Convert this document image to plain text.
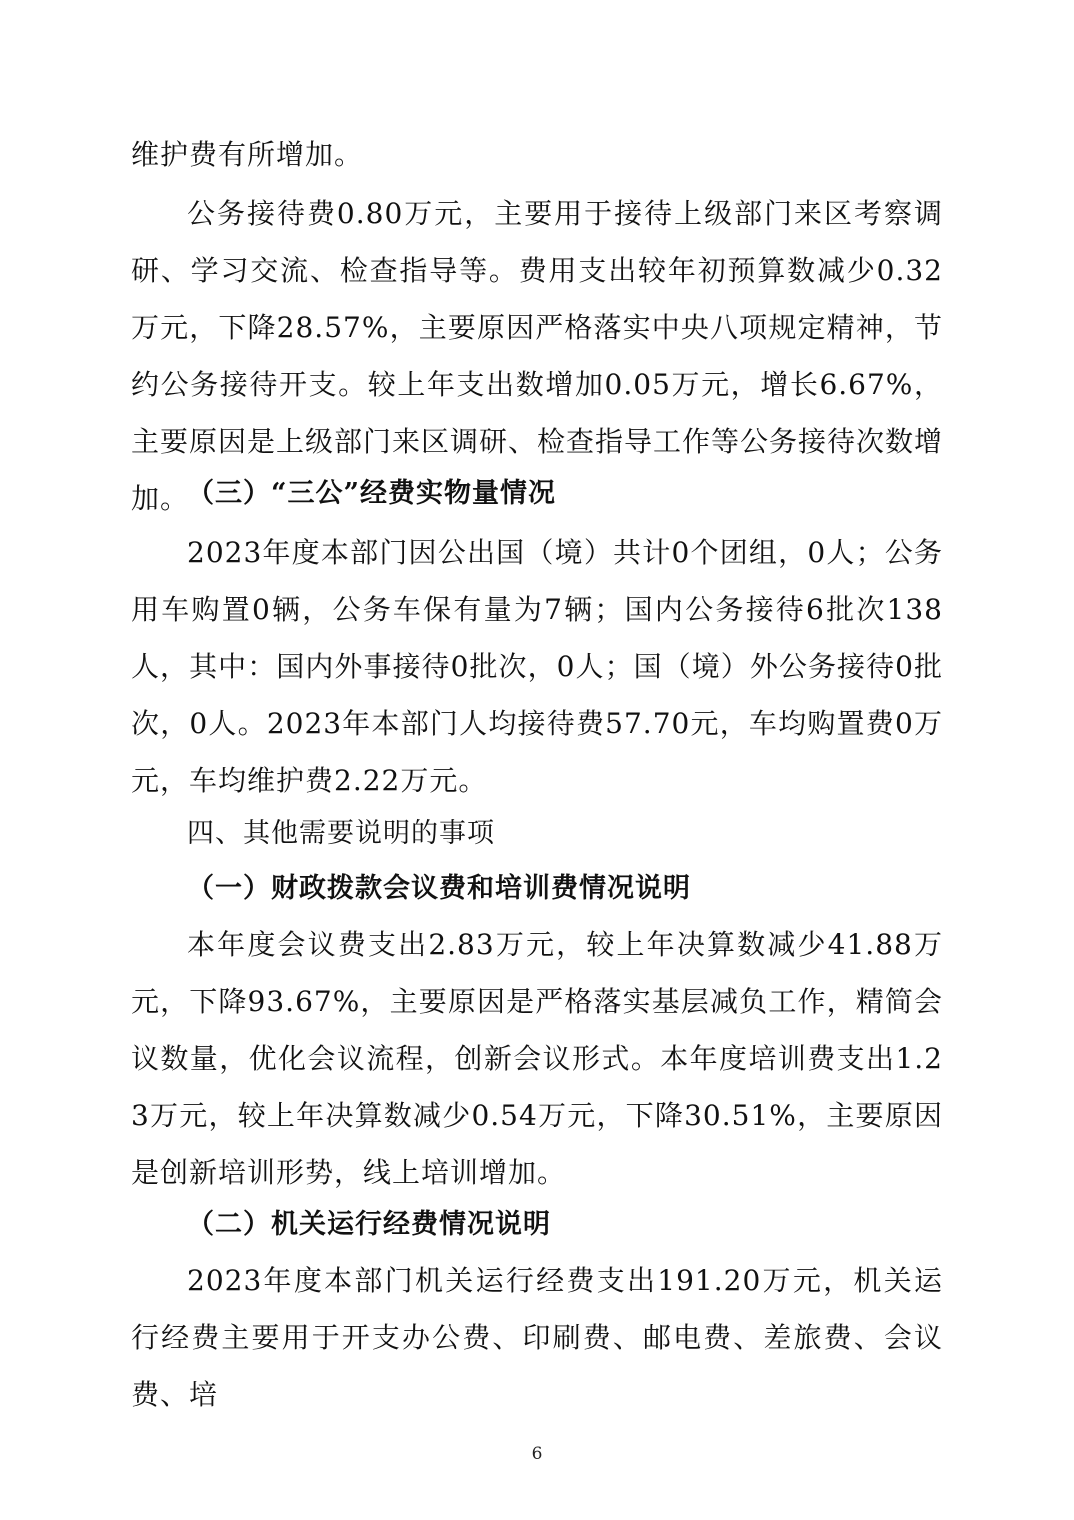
维护费有所增加。

公务接待费0.80万元，主要用于接待上级部门来区考察调研、学习交流、检查指导等。费用支出较年初预算数减少0.32万元，下降28.57%，主要原因严格落实中央八项规定精神，节约公务接待开支。较上年支出数增加0.05万元，增长6.67%，主要原因是上级部门来区调研、检查指导工作等公务接待次数增加。

（三）“三公”经费实物量情况

2023年度本部门因公出国（境）共计0个团组，0人；公务用车购置0辆，公务车保有量为7辆；国内公务接待6批次138人，其中：国内外事接待0批次，0人；国（境）外公务接待0批次，0人。2023年本部门人均接待费57.70元，车均购置费0万元，车均维护费2.22万元。

四、其他需要说明的事项
（一）财政拨款会议费和培训费情况说明

本年度会议费支出2.83万元，较上年决算数减少41.88万元，下降93.67%，主要原因是严格落实基层减负工作，精简会议数量，优化会议流程，创新会议形式。本年度培训费支出1.23万元，较上年决算数减少0.54万元，下降30.51%，主要原因是创新培训形势，线上培训增加。

（二）机关运行经费情况说明

2023年度本部门机关运行经费支出191.20万元，机关运行经费主要用于开支办公费、印刷费、邮电费、差旅费、会议费、培

6
